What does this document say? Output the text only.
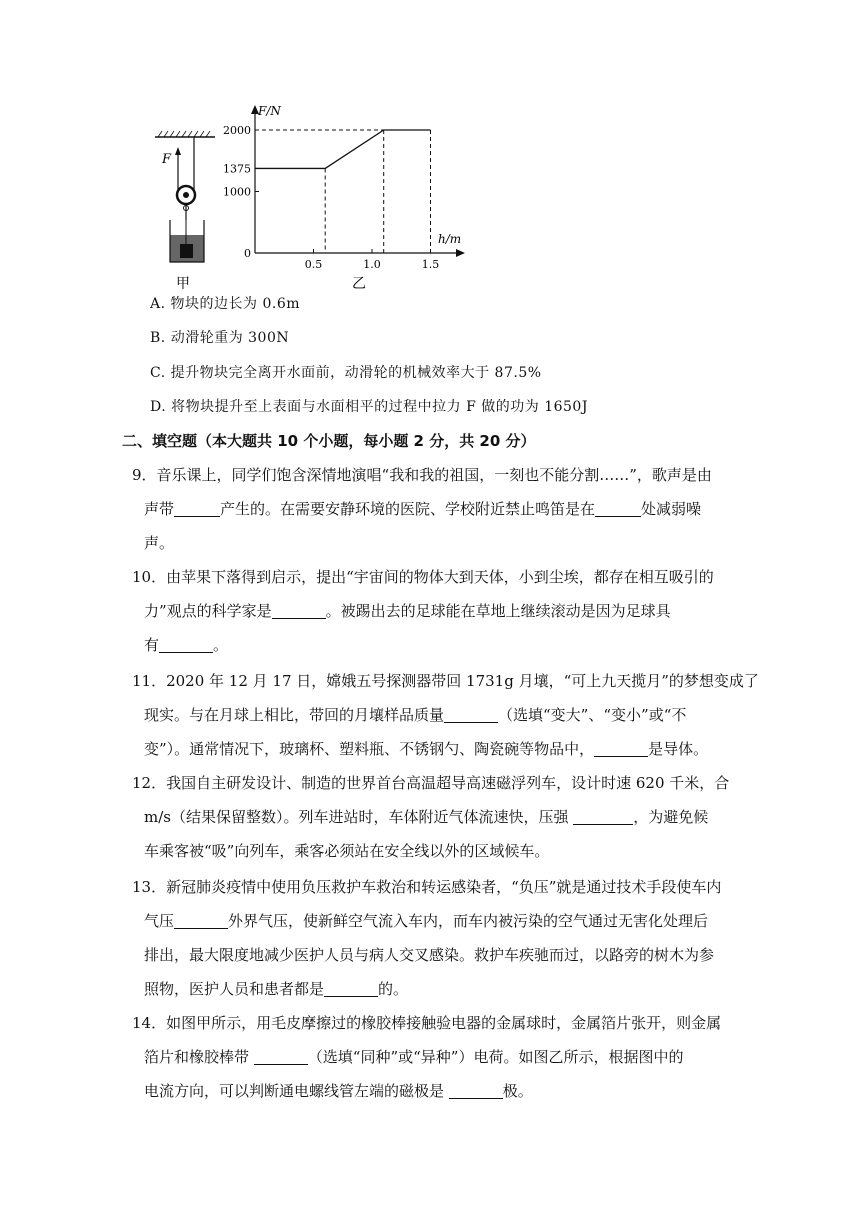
F
甲
F/N
h/m
乙
2000
1375
1000
0
0.5	1.0	1.5
A. 物块的边长为 0.6m
B. 动滑轮重为 300N
C. 提升物块完全离开水面前，动滑轮的机械效率大于 87.5%
D. 将物块提升至上表面与水面相平的过程中拉力 F 做的功为 1650J
二、填空题（本大题共 10 个小题，每小题 2 分，共 20 分）
9．音乐课上，同学们饱含深情地演唱“我和我的祖国，一刻也不能分割……”，歌声是由
声带	产生的。在需要安静环境的医院、学校附近禁止鸣笛是在	处减弱噪
声。
10．由苹果下落得到启示，提出“宇宙间的物体大到天体，小到尘埃，都存在相互吸引的
力”观点的科学家是	。被踢出去的足球能在草地上继续滚动是因为足球具
有	。
11．2020 年 12 月 17 日，嫦娥五号探测器带回 1731g 月壤，“可上九天揽月”的梦想变成了
现实。与在月球上相比，带回的月壤样品质量	（选填“变大”、“变小”或“不
变”）。通常情况下，玻璃杯、塑料瓶、不锈钢勺、陶瓷碗等物品中，	是导体。
12．我国自主研发设计、制造的世界首台高温超导高速磁浮列车，设计时速 620 千米，合
m/s（结果保留整数）。列车进站时，车体附近气体流速快，压强	，为避免候
车乘客被“吸”向列车，乘客必须站在安全线以外的区域候车。
13．新冠肺炎疫情中使用负压救护车救治和转运感染者，“负压”就是通过技术手段使车内
气压	外界气压，使新鲜空气流入车内，而车内被污染的空气通过无害化处理后
排出，最大限度地减少医护人员与病人交叉感染。救护车疾驰而过，以路旁的树木为参
照物，医护人员和患者都是	的。
14．如图甲所示，用毛皮摩擦过的橡胶棒接触验电器的金属球时，金属箔片张开，则金属
箔片和橡胶棒带	（选填“同种”或“异种”）电荷。如图乙所示，根据图中的
电流方向，可以判断通电螺线管左端的磁极是	极。
